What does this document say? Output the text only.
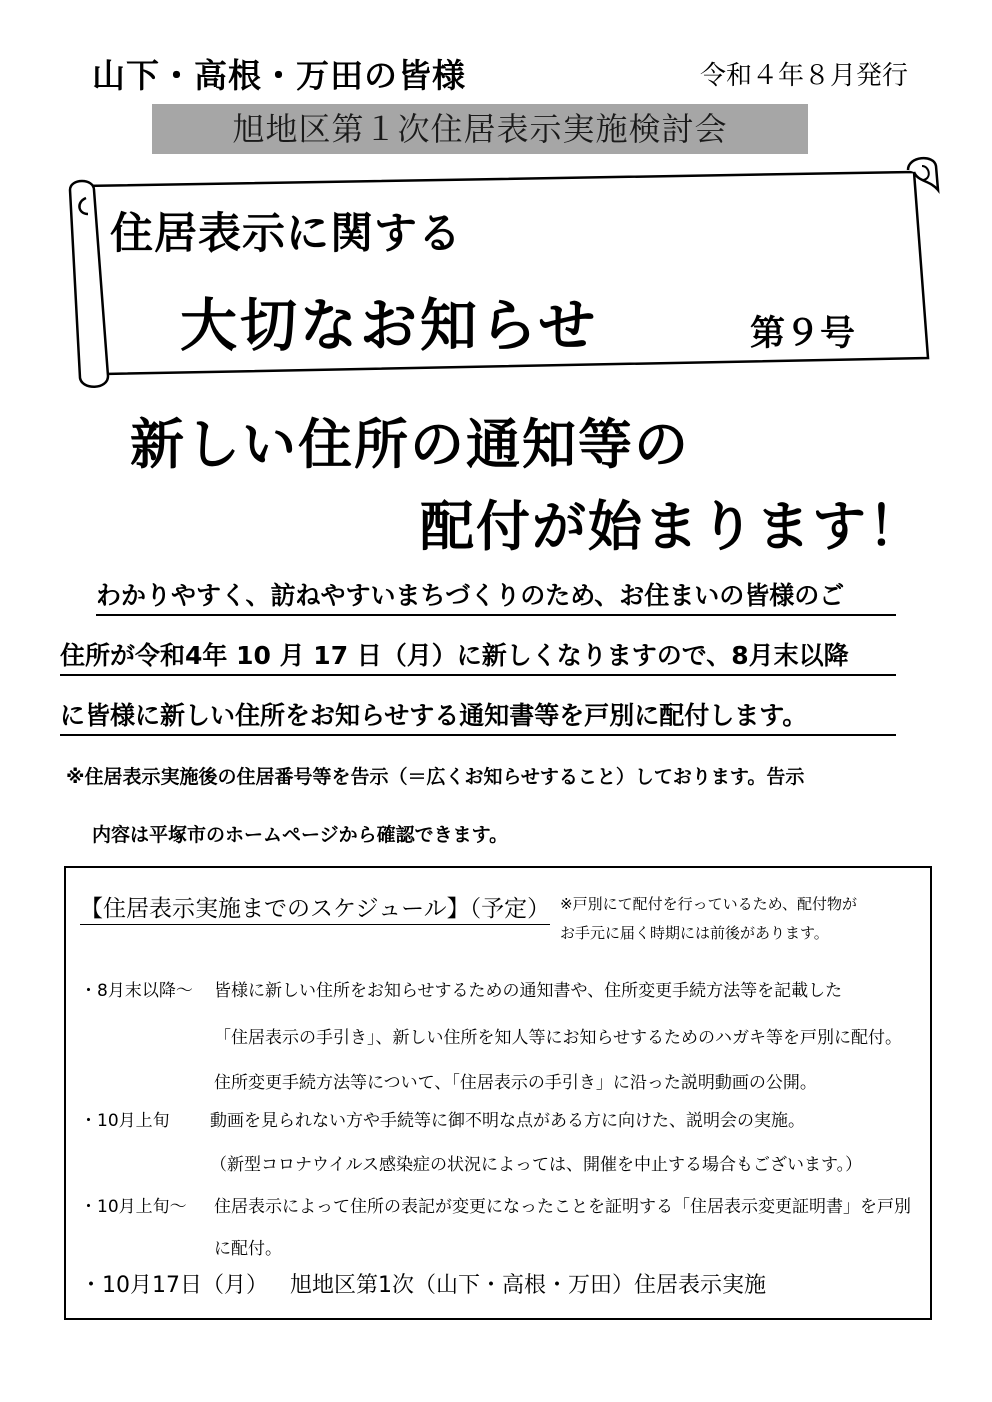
山下・高根・万田の皆様	令和４年８月発行
旭地区第１次住居表示実施検討会
住居表示に関する
大切なお知らせ	第９号
新しい住所の通知等の
配付が始まります！
わかりやすく、訪ねやすいまちづくりのため、お住まいの皆様のご
住所が令和4年 10 月 17 日（月）に新しくなりますので、8月末以降
に皆様に新しい住所をお知らせする通知書等を戸別に配付します。
※住居表示実施後の住居番号等を告示（＝広くお知らせすること）しております。告示
内容は平塚市のホームページから確認できます。
【住居表示実施までのスケジュール】（予定） ※戸別にて配付を行っているため、配付物が
お手元に届く時期には前後があります。
・8月末以降～ 皆様に新しい住所をお知らせするための通知書や、住所変更手続方法等を記載した
「住居表示の手引き」、新しい住所を知人等にお知らせするためのハガキ等を戸別に配付。
住所変更手続方法等について、「住居表示の手引き」に沿った説明動画の公開。
・10月上旬 動画を見られない方や手続等に御不明な点がある方に向けた、説明会の実施。
（新型コロナウイルス感染症の状況によっては、開催を中止する場合もございます。）
・10月上旬～ 住居表示によって住所の表記が変更になったことを証明する「住居表示変更証明書」を戸別
に配付。
・10月17日（月） 旭地区第1次（山下・高根・万田）住居表示実施
